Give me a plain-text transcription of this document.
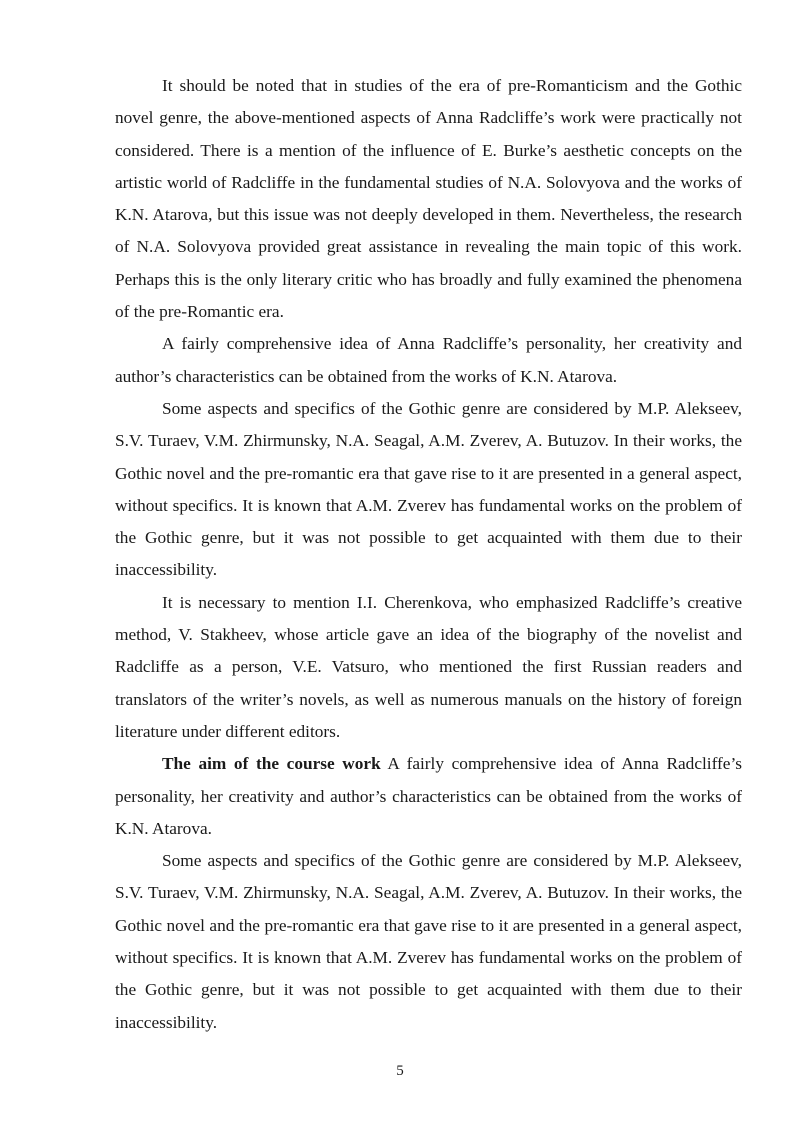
It should be noted that in studies of the era of pre-Romanticism and the Gothic novel genre, the above-mentioned aspects of Anna Radcliffe’s work were practically not considered. There is a mention of the influence of E. Burke’s aesthetic concepts on the artistic world of Radcliffe in the fundamental studies of N.A. Solovyova and the works of K.N. Atarova, but this issue was not deeply developed in them. Nevertheless, the research of N.A. Solovyova provided great assistance in revealing the main topic of this work. Perhaps this is the only literary critic who has broadly and fully examined the phenomena of the pre-Romantic era.

A fairly comprehensive idea of Anna Radcliffe’s personality, her creativity and author’s characteristics can be obtained from the works of K.N. Atarova.

Some aspects and specifics of the Gothic genre are considered by M.P. Alekseev, S.V. Turaev, V.M. Zhirmunsky, N.A. Seagal, A.M. Zverev, A. Butuzov. In their works, the Gothic novel and the pre-romantic era that gave rise to it are presented in a general aspect, without specifics. It is known that A.M. Zverev has fundamental works on the problem of the Gothic genre, but it was not possible to get acquainted with them due to their inaccessibility.

It is necessary to mention I.I. Cherenkova, who emphasized Radcliffe’s creative method, V. Stakheev, whose article gave an idea of the biography of the novelist and Radcliffe as a person, V.E. Vatsuro, who mentioned the first Russian readers and translators of the writer’s novels, as well as numerous manuals on the history of foreign literature under different editors.

The aim of the course work A fairly comprehensive idea of Anna Radcliffe’s personality, her creativity and author’s characteristics can be obtained from the works of K.N. Atarova.

Some aspects and specifics of the Gothic genre are considered by M.P. Alekseev, S.V. Turaev, V.M. Zhirmunsky, N.A. Seagal, A.M. Zverev, A. Butuzov. In their works, the Gothic novel and the pre-romantic era that gave rise to it are presented in a general aspect, without specifics. It is known that A.M. Zverev has fundamental works on the problem of the Gothic genre, but it was not possible to get acquainted with them due to their inaccessibility.

5
